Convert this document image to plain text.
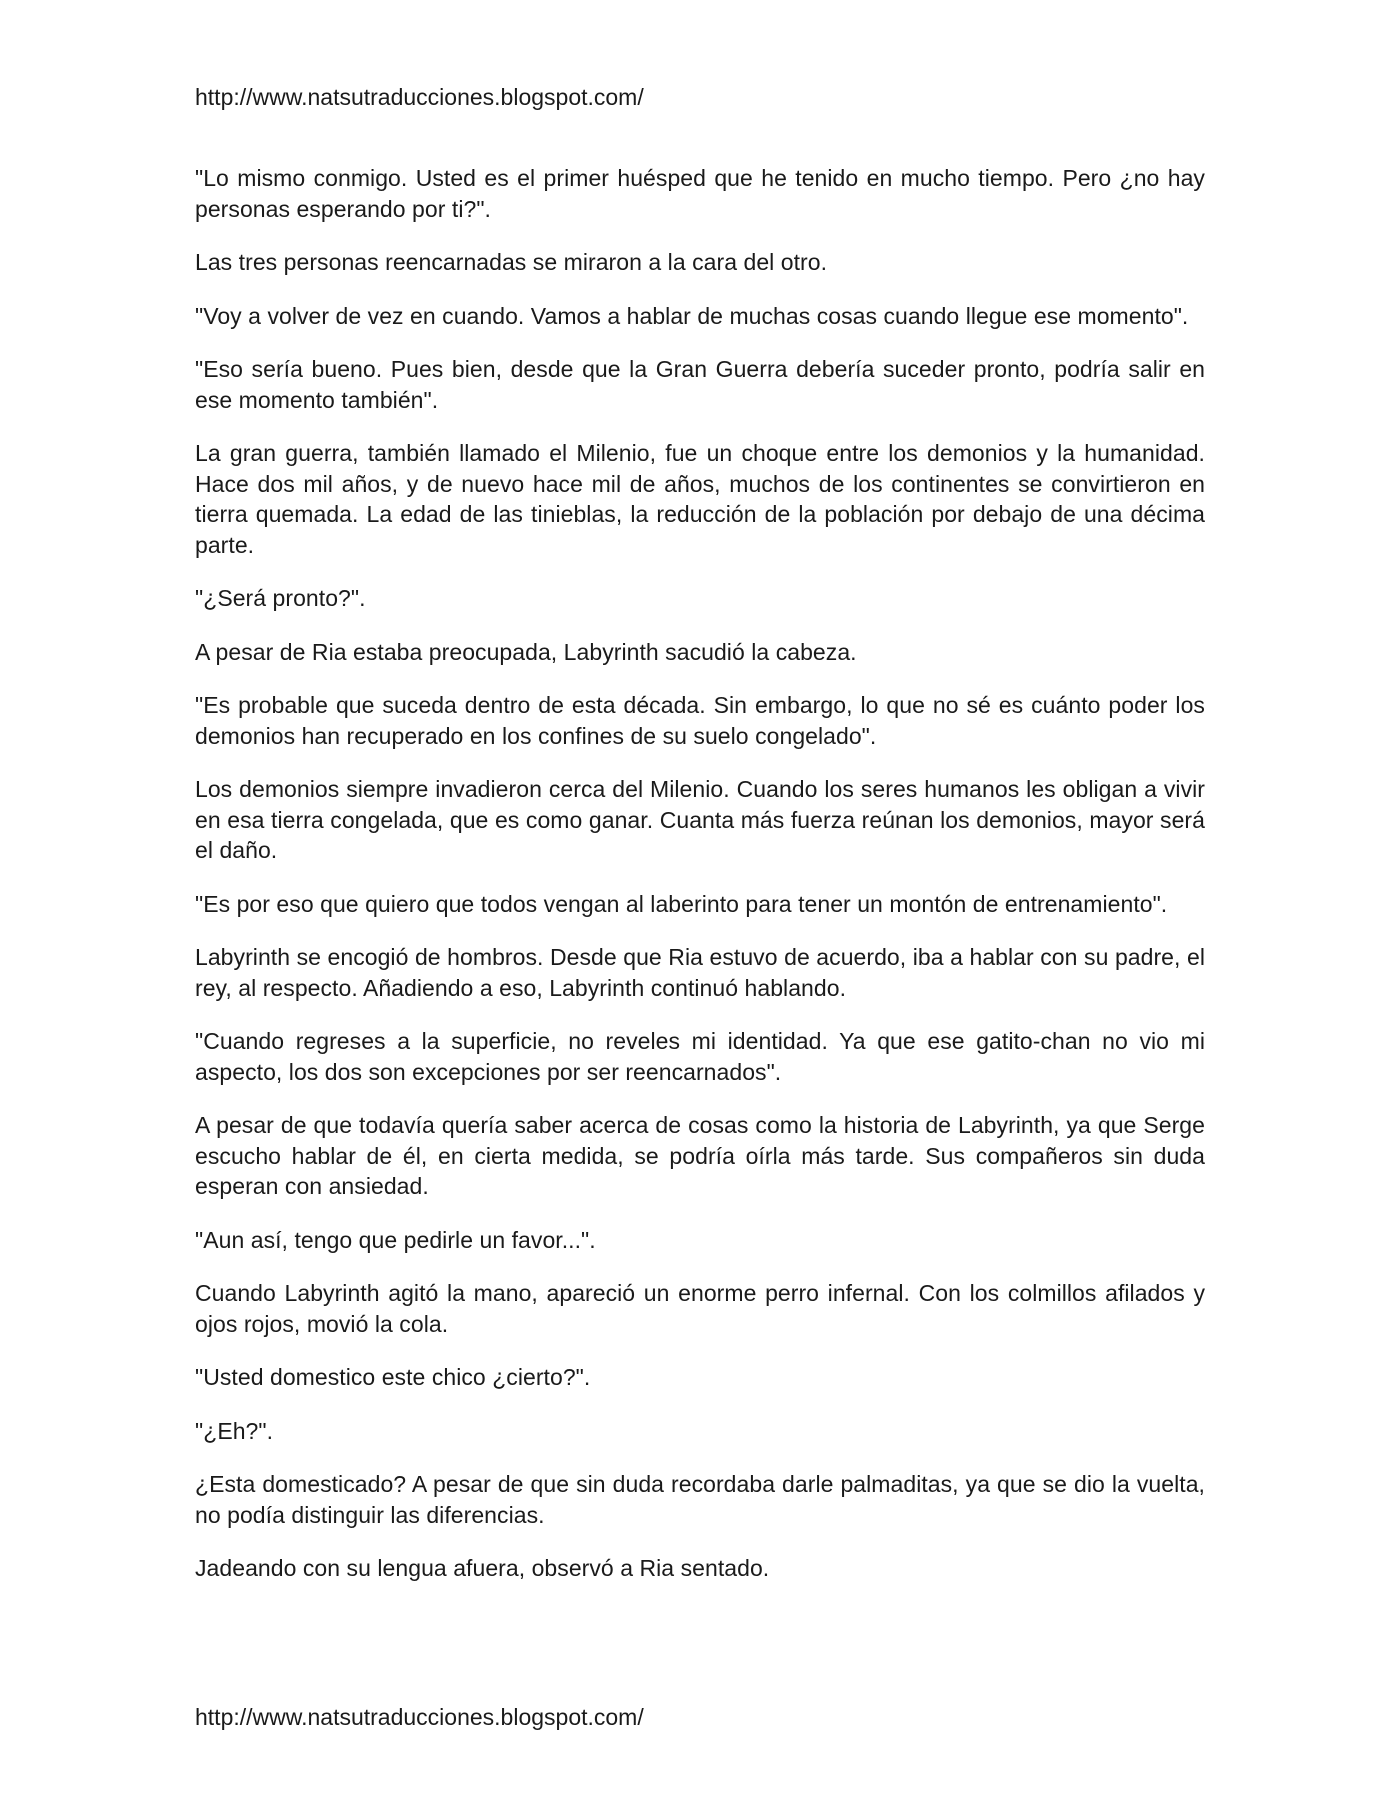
http://www.natsutraducciones.blogspot.com/

"Lo mismo conmigo. Usted es el primer huésped que he tenido en mucho tiempo. Pero ¿no hay personas esperando por ti?".

Las tres personas reencarnadas se miraron a la cara del otro.

"Voy a volver de vez en cuando. Vamos a hablar de muchas cosas cuando llegue ese momento".

"Eso sería bueno. Pues bien, desde que la Gran Guerra debería suceder pronto, podría salir en ese momento también".

La gran guerra, también llamado el Milenio, fue un choque entre los demonios y la humanidad. Hace dos mil años, y de nuevo hace mil de años, muchos de los continentes se convirtieron en tierra quemada. La edad de las tinieblas, la reducción de la población por debajo de una décima parte.

"¿Será pronto?".

A pesar de Ria estaba preocupada, Labyrinth sacudió la cabeza.

"Es probable que suceda dentro de esta década. Sin embargo, lo que no sé es cuánto poder los demonios han recuperado en los confines de su suelo congelado".

Los demonios siempre invadieron cerca del Milenio. Cuando los seres humanos les obligan a vivir en esa tierra congelada, que es como ganar. Cuanta más fuerza reúnan los demonios, mayor será el daño.

"Es por eso que quiero que todos vengan al laberinto para tener un montón de entrenamiento".

Labyrinth se encogió de hombros. Desde que Ria estuvo de acuerdo, iba a hablar con su padre, el rey, al respecto. Añadiendo a eso, Labyrinth continuó hablando.

"Cuando regreses a la superficie, no reveles mi identidad. Ya que ese gatito-chan no vio mi aspecto, los dos son excepciones por ser reencarnados".

A pesar de que todavía quería saber acerca de cosas como la historia de Labyrinth, ya que Serge escucho hablar de él, en cierta medida, se podría oírla más tarde. Sus compañeros sin duda esperan con ansiedad.

"Aun así, tengo que pedirle un favor...".

Cuando Labyrinth agitó la mano, apareció un enorme perro infernal. Con los colmillos afilados y ojos rojos, movió la cola.

"Usted domestico este chico ¿cierto?".

"¿Eh?".

¿Esta domesticado? A pesar de que sin duda recordaba darle palmaditas, ya que se dio la vuelta, no podía distinguir las diferencias.

Jadeando con su lengua afuera, observó a Ria sentado.

http://www.natsutraducciones.blogspot.com/
